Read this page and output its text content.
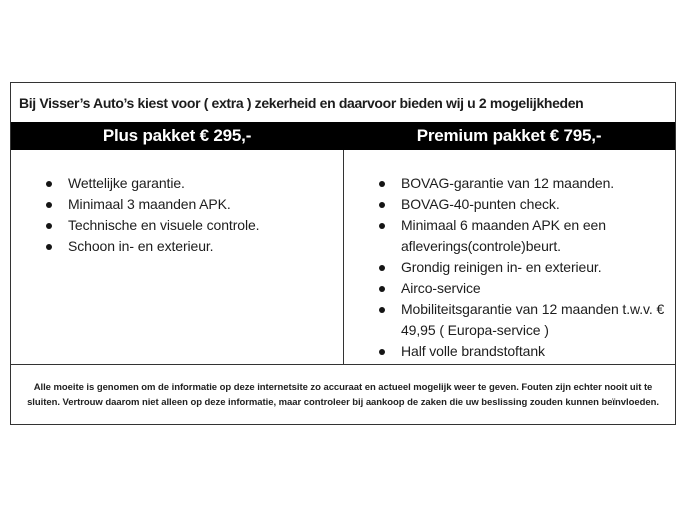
Bij Visser’s Auto’s kiest voor ( extra ) zekerheid en daarvoor bieden wij u 2 mogelijkheden
Plus pakket € 295,-	Premium pakket € 795,-
Wettelijke garantie.
Minimaal 3 maanden APK.
Technische en visuele controle.
Schoon in- en exterieur.
BOVAG-garantie van 12 maanden.
BOVAG-40-punten check.
Minimaal 6 maanden APK en een afleverings(controle)beurt.
Grondig reinigen in- en exterieur.
Airco-service
Mobiliteitsgarantie van 12 maanden t.w.v. € 49,95 ( Europa-service )
Half volle brandstoftank

Alle moeite is genomen om de informatie op deze internetsite zo accuraat en actueel mogelijk weer te geven. Fouten zijn echter nooit uit te sluiten. Vertrouw daarom niet alleen op deze informatie, maar controleer bij aankoop de zaken die uw beslissing zouden kunnen beïnvloeden.
